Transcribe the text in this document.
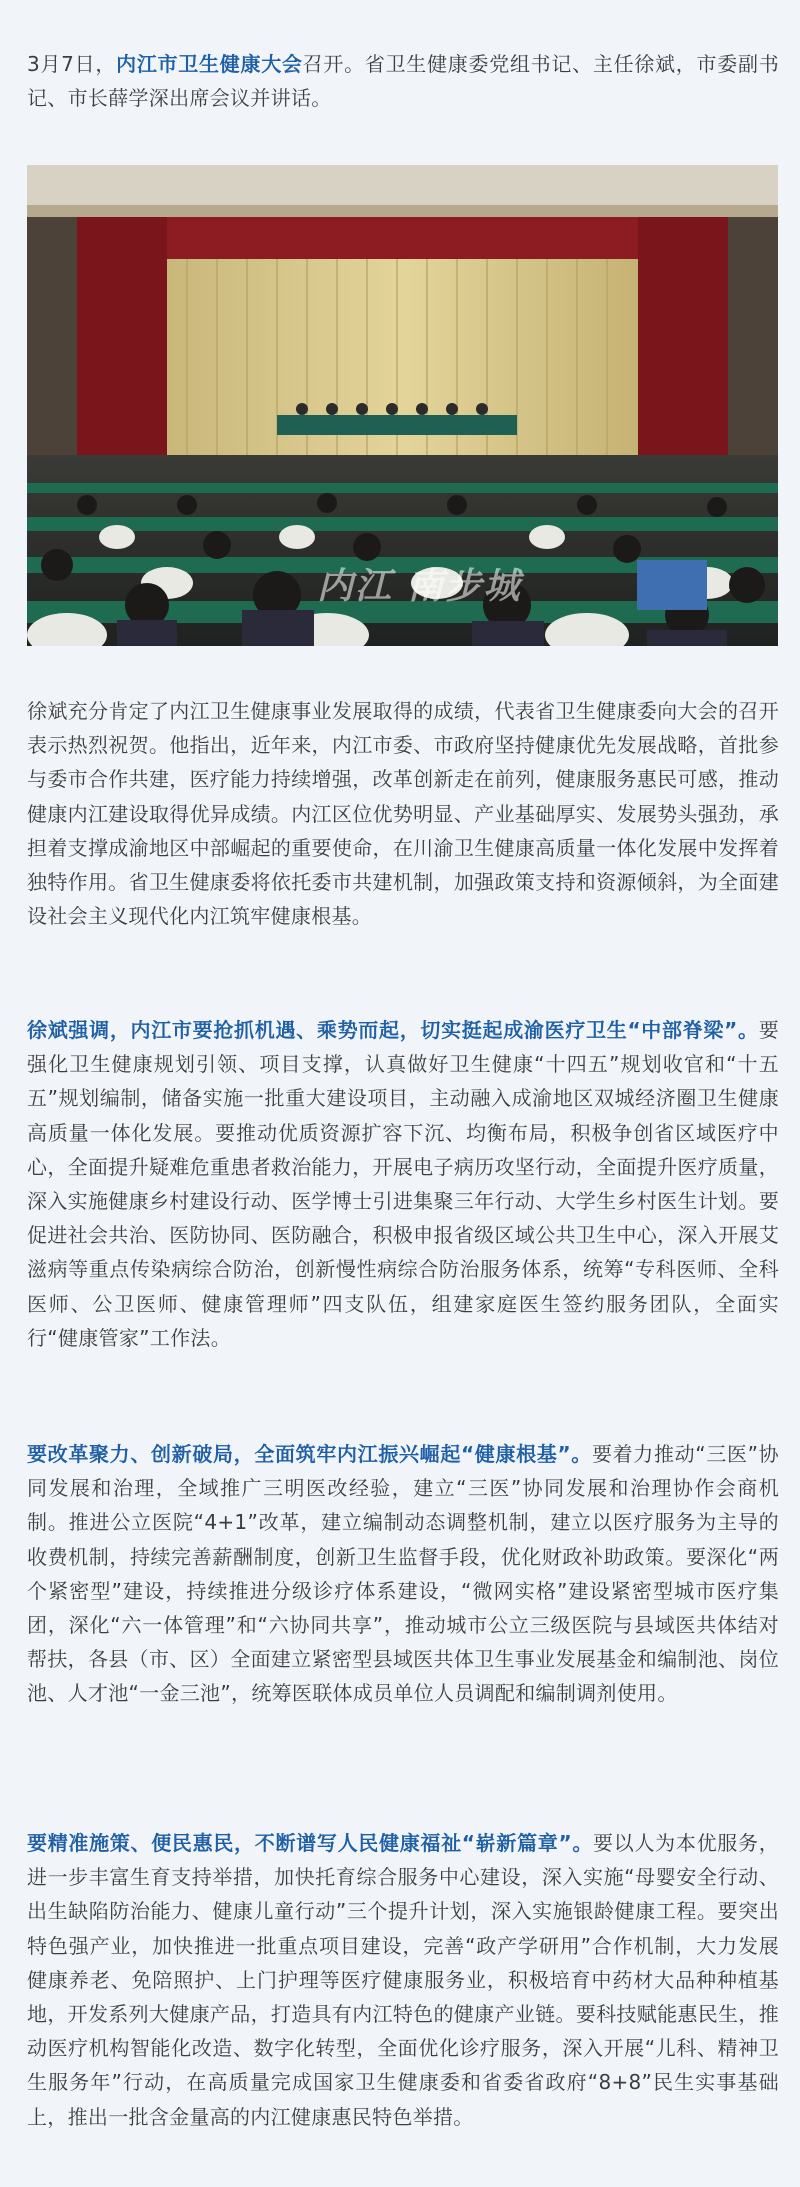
3月7日，内江市卫生健康大会召开。省卫生健康委党组书记、主任徐斌，市委副书记、市长薛学深出席会议并讲话。

内江 南步城

徐斌充分肯定了内江卫生健康事业发展取得的成绩，代表省卫生健康委向大会的召开表示热烈祝贺。他指出，近年来，内江市委、市政府坚持健康优先发展战略，首批参与委市合作共建，医疗能力持续增强，改革创新走在前列，健康服务惠民可感，推动健康内江建设取得优异成绩。内江区位优势明显、产业基础厚实、发展势头强劲，承担着支撑成渝地区中部崛起的重要使命，在川渝卫生健康高质量一体化发展中发挥着独特作用。省卫生健康委将依托委市共建机制，加强政策支持和资源倾斜，为全面建设社会主义现代化内江筑牢健康根基。

徐斌强调，内江市要抢抓机遇、乘势而起，切实挺起成渝医疗卫生“中部脊梁”。要强化卫生健康规划引领、项目支撑，认真做好卫生健康“十四五”规划收官和“十五五”规划编制，储备实施一批重大建设项目，主动融入成渝地区双城经济圈卫生健康高质量一体化发展。要推动优质资源扩容下沉、均衡布局，积极争创省区域医疗中心，全面提升疑难危重患者救治能力，开展电子病历攻坚行动，全面提升医疗质量，深入实施健康乡村建设行动、医学博士引进集聚三年行动、大学生乡村医生计划。要促进社会共治、医防协同、医防融合，积极申报省级区域公共卫生中心，深入开展艾滋病等重点传染病综合防治，创新慢性病综合防治服务体系，统筹“专科医师、全科医师、公卫医师、健康管理师”四支队伍，组建家庭医生签约服务团队，全面实行“健康管家”工作法。

要改革聚力、创新破局，全面筑牢内江振兴崛起“健康根基”。要着力推动“三医”协同发展和治理，全域推广三明医改经验，建立“三医”协同发展和治理协作会商机制。推进公立医院“4+1”改革，建立编制动态调整机制，建立以医疗服务为主导的收费机制，持续完善薪酬制度，创新卫生监督手段，优化财政补助政策。要深化“两个紧密型”建设，持续推进分级诊疗体系建设，“微网实格”建设紧密型城市医疗集团，深化“六一体管理”和“六协同共享”，推动城市公立三级医院与县域医共体结对帮扶，各县（市、区）全面建立紧密型县域医共体卫生事业发展基金和编制池、岗位池、人才池“一金三池”，统筹医联体成员单位人员调配和编制调剂使用。

要精准施策、便民惠民，不断谱写人民健康福祉“崭新篇章”。要以人为本优服务，进一步丰富生育支持举措，加快托育综合服务中心建设，深入实施“母婴安全行动、出生缺陷防治能力、健康儿童行动”三个提升计划，深入实施银龄健康工程。要突出特色强产业，加快推进一批重点项目建设，完善“政产学研用”合作机制，大力发展健康养老、免陪照护、上门护理等医疗健康服务业，积极培育中药材大品种种植基地，开发系列大健康产品，打造具有内江特色的健康产业链。要科技赋能惠民生，推动医疗机构智能化改造、数字化转型，全面优化诊疗服务，深入开展“儿科、精神卫生服务年”行动，在高质量完成国家卫生健康委和省委省政府“8+8”民生实事基础上，推出一批含金量高的内江健康惠民特色举措。
